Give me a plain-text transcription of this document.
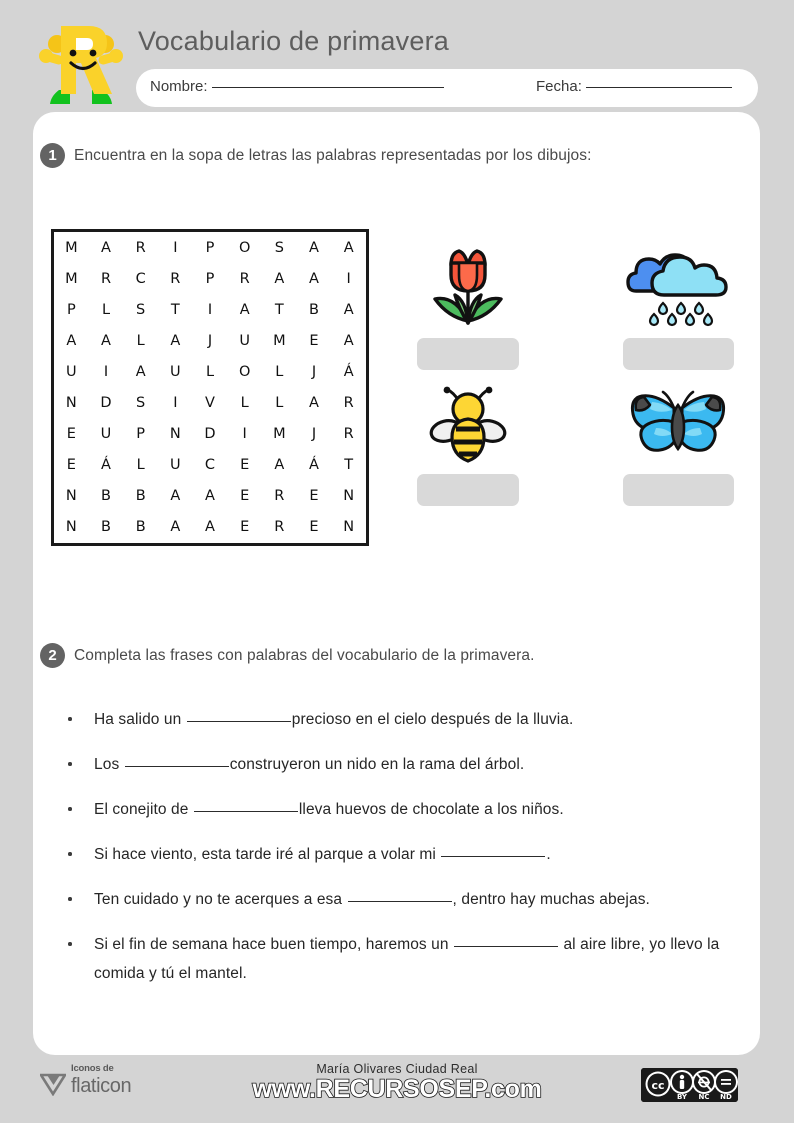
Vocabulario de primavera
Nombre:	Fecha:
1	Encuentra en la sopa de letras las palabras representadas por los dibujos:
M	A	R	I	P	O	S	A	A
M	R	C	R	P	R	A	A	I
P	L	S	T	I	A	T	B	A
A	A	L	A	J	U	M	E	A
U	I	A	U	L	O	L	J	Á
N	D	S	I	V	L	L	A	R
E	U	P	N	D	I	M	J	R
E	Á	L	U	C	E	A	Á	T
N	B	B	A	A	E	R	E	N
N	B	B	A	A	E	R	E	N
2	Completa las frases con palabras del vocabulario de la primavera.
Ha salido un	precioso en el cielo después de la lluvia.
Los	construyeron un nido en la rama del árbol.
El conejito de	lleva huevos de chocolate a los niños.
Si hace viento, esta tarde iré al parque a volar mi	.
Ten cuidado y no te acerques a esa	, dentro hay muchas abejas.
Si el fin de semana hace buen tiempo, haremos un	al aire libre, yo llevo la comida y tú el mantel.
Iconos de
flaticon
María Olivares Ciudad Real
www.RECURSOSEP.com	cc
BY NC ND
